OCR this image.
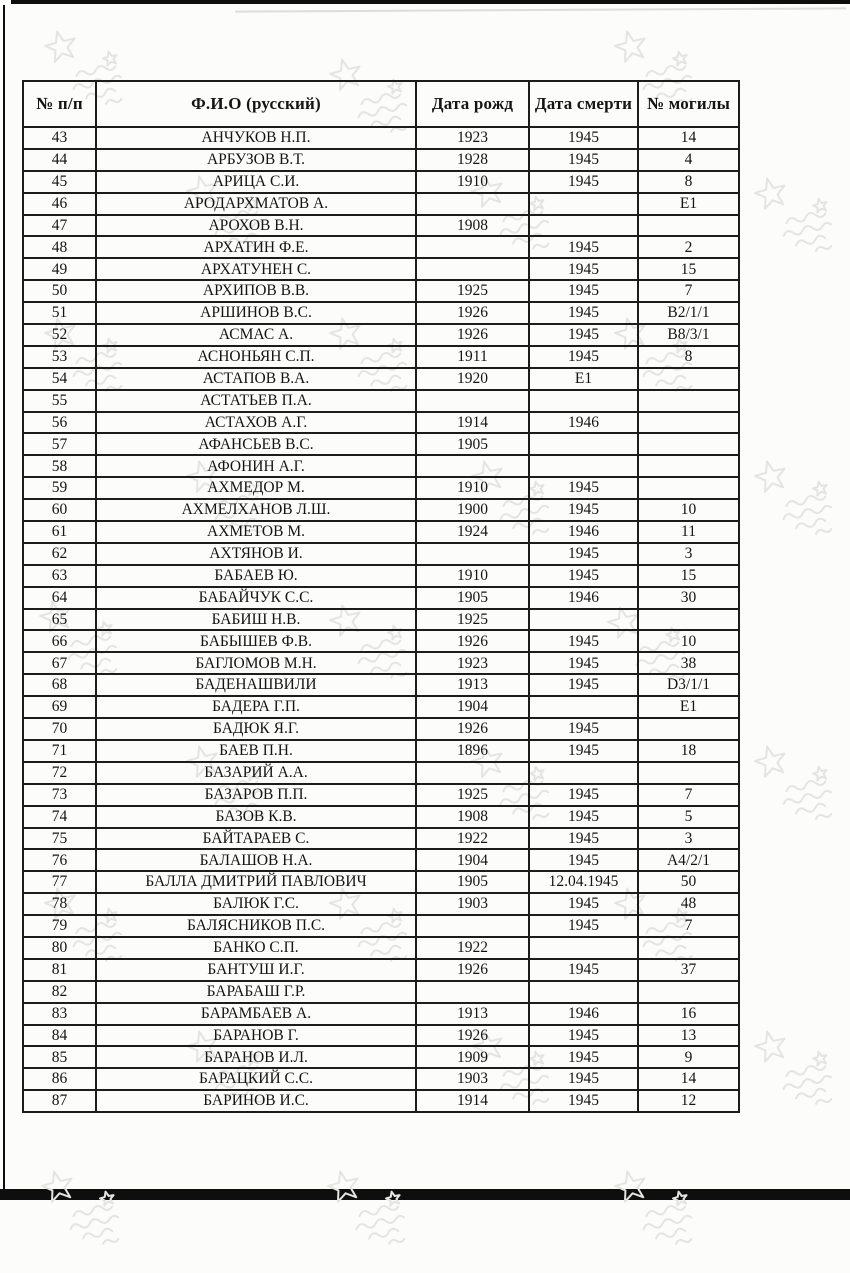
№ п/п	Ф.И.О (русский)	Дата рожд	Дата смерти	№ могилы
43	АНЧУКОВ Н.П.	1923	1945	14
44	АРБУЗОВ В.Т.	1928	1945	4
45	АРИЦА С.И.	1910	1945	8
46	АРОДАРХМАТОВ А.			E1
47	АРОХОВ В.Н.	1908		
48	АРХАТИН Ф.Е.		1945	2
49	АРХАТУНЕН С.		1945	15
50	АРХИПОВ В.В.	1925	1945	7
51	АРШИНОВ В.С.	1926	1945	B2/1/1
52	АСМАС А.	1926	1945	B8/3/1
53	АСНОНЬЯН С.П.	1911	1945	8
54	АСТАПОВ В.А.	1920	E1	
55	АСТАТЬЕВ П.А.			
56	АСТАХОВ А.Г.	1914	1946	
57	АФАНСЬЕВ В.С.	1905		
58	АФОНИН А.Г.			
59	АХМЕДОР М.	1910	1945	
60	АХМЕЛХАНОВ Л.Ш.	1900	1945	10
61	АХМЕТОВ М.	1924	1946	11
62	АХТЯНОВ И.		1945	3
63	БАБАЕВ Ю.	1910	1945	15
64	БАБАЙЧУК С.С.	1905	1946	30
65	БАБИШ Н.В.	1925		
66	БАБЫШЕВ Ф.В.	1926	1945	10
67	БАГЛОМОВ М.Н.	1923	1945	38
68	БАДЕНАШВИЛИ	1913	1945	D3/1/1
69	БАДЕРА Г.П.	1904		E1
70	БАДЮК Я.Г.	1926	1945	
71	БАЕВ П.Н.	1896	1945	18
72	БАЗАРИЙ А.А.			
73	БАЗАРОВ П.П.	1925	1945	7
74	БАЗОВ К.В.	1908	1945	5
75	БАЙТАРАЕВ С.	1922	1945	3
76	БАЛАШОВ Н.А.	1904	1945	A4/2/1
77	БАЛЛА ДМИТРИЙ ПАВЛОВИЧ	1905	12.04.1945	50
78	БАЛЮК Г.С.	1903	1945	48
79	БАЛЯСНИКОВ П.С.		1945	7
80	БАНКО С.П.	1922		
81	БАНТУШ И.Г.	1926	1945	37
82	БАРАБАШ Г.Р.			
83	БАРАМБАЕВ А.	1913	1946	16
84	БАРАНОВ Г.	1926	1945	13
85	БАРАНОВ И.Л.	1909	1945	9
86	БАРАЦКИЙ С.С.	1903	1945	14
87	БАРИНОВ И.С.	1914	1945	12
